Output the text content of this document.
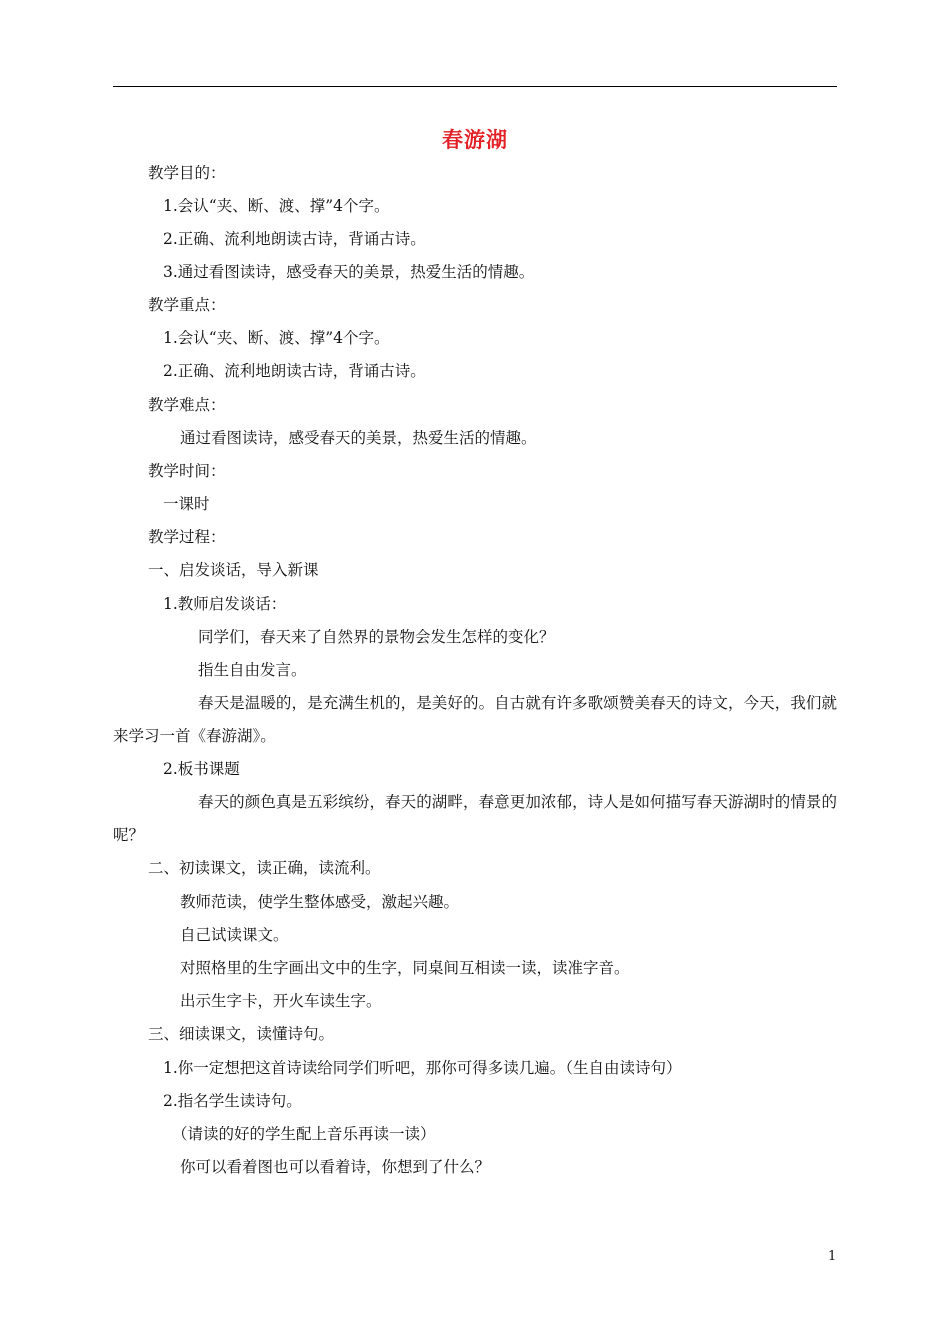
春游湖
教学目的：
1.会认“夹、断、渡、撑”4个字。
2.正确、流利地朗读古诗，背诵古诗。
3.通过看图读诗，感受春天的美景，热爱生活的情趣。
教学重点：
1.会认“夹、断、渡、撑”4个字。
2.正确、流利地朗读古诗，背诵古诗。
教学难点：
通过看图读诗，感受春天的美景，热爱生活的情趣。
教学时间：
一课时
教学过程：
一、启发谈话，导入新课
1.教师启发谈话：
同学们，春天来了自然界的景物会发生怎样的变化？
指生自由发言。
春天是温暖的，是充满生机的，是美好的。自古就有许多歌颂赞美春天的诗文，今天，我们就来学习一首《春游湖》。
2.板书课题
春天的颜色真是五彩缤纷，春天的湖畔，春意更加浓郁，诗人是如何描写春天游湖时的情景的呢？
二、初读课文，读正确，读流利。
教师范读，使学生整体感受，激起兴趣。
自己试读课文。
对照格里的生字画出文中的生字，同桌间互相读一读，读准字音。
出示生字卡，开火车读生字。
三、细读课文，读懂诗句。
1.你一定想把这首诗读给同学们听吧，那你可得多读几遍。（生自由读诗句）
2.指名学生读诗句。
（请读的好的学生配上音乐再读一读）
你可以看着图也可以看着诗，你想到了什么？
1
